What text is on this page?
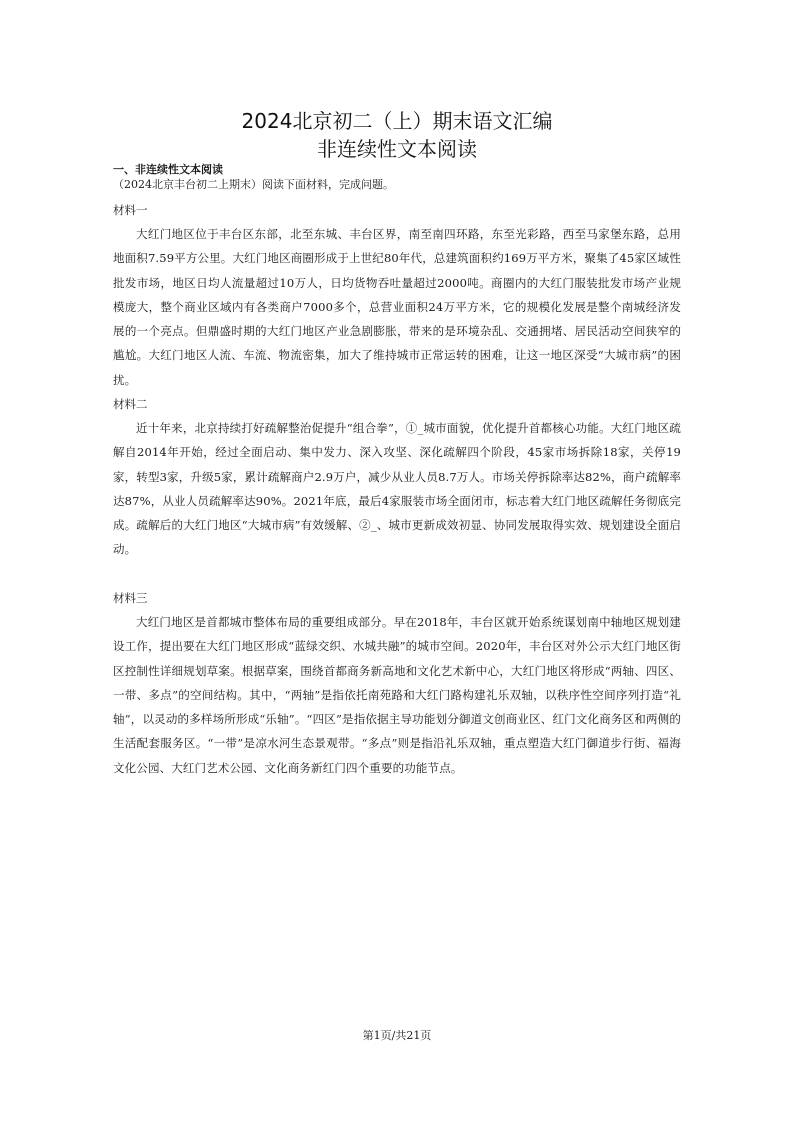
2024北京初二（上）期末语文汇编
非连续性文本阅读
一、非连续性文本阅读
（2024北京丰台初二上期末）阅读下面材料，完成问题。
材料一

大红门地区位于丰台区东部，北至东城、丰台区界，南至南四环路，东至光彩路，西至马家堡东路，总用地面积7.59平方公里。大红门地区商圈形成于上世纪80年代，总建筑面积约169万平方米，聚集了45家区域性批发市场，地区日均人流量超过10万人，日均货物吞吐量超过2000吨。商圈内的大红门服装批发市场产业规模庞大，整个商业区域内有各类商户7000多个，总营业面积24万平方米，它的规模化发展是整个南城经济发展的一个亮点。但鼎盛时期的大红门地区产业急剧膨胀，带来的是环境杂乱、交通拥堵、居民活动空间狭窄的尴尬。大红门地区人流、车流、物流密集，加大了维持城市正常运转的困难，让这一地区深受“大城市病”的困扰。

材料二

近十年来，北京持续打好疏解整治促提升“组合拳”，①_城市面貌，优化提升首都核心功能。大红门地区疏解自2014年开始，经过全面启动、集中发力、深入攻坚、深化疏解四个阶段，45家市场拆除18家，关停19家，转型3家，升级5家，累计疏解商户2.9万户，减少从业人员8.7万人。市场关停拆除率达82%，商户疏解率达87%，从业人员疏解率达90%。2021年底，最后4家服装市场全面闭市，标志着大红门地区疏解任务彻底完成。疏解后的大红门地区“大城市病”有效缓解、②_、城市更新成效初显、协同发展取得实效、规划建设全面启动。

材料三

大红门地区是首都城市整体布局的重要组成部分。早在2018年，丰台区就开始系统谋划南中轴地区规划建设工作，提出要在大红门地区形成“蓝绿交织、水城共融”的城市空间。2020年，丰台区对外公示大红门地区街区控制性详细规划草案。根据草案，围绕首都商务新高地和文化艺术新中心，大红门地区将形成“两轴、四区、一带、多点”的空间结构。其中，“两轴”是指依托南苑路和大红门路构建礼乐双轴，以秩序性空间序列打造“礼轴”，以灵动的多样场所形成“乐轴”。“四区”是指依据主导功能划分御道文创商业区、红门文化商务区和两侧的生活配套服务区。“一带”是凉水河生态景观带。“多点”则是指沿礼乐双轴，重点塑造大红门御道步行街、福海文化公园、大红门艺术公园、文化商务新红门四个重要的功能节点。

第1页/共21页
